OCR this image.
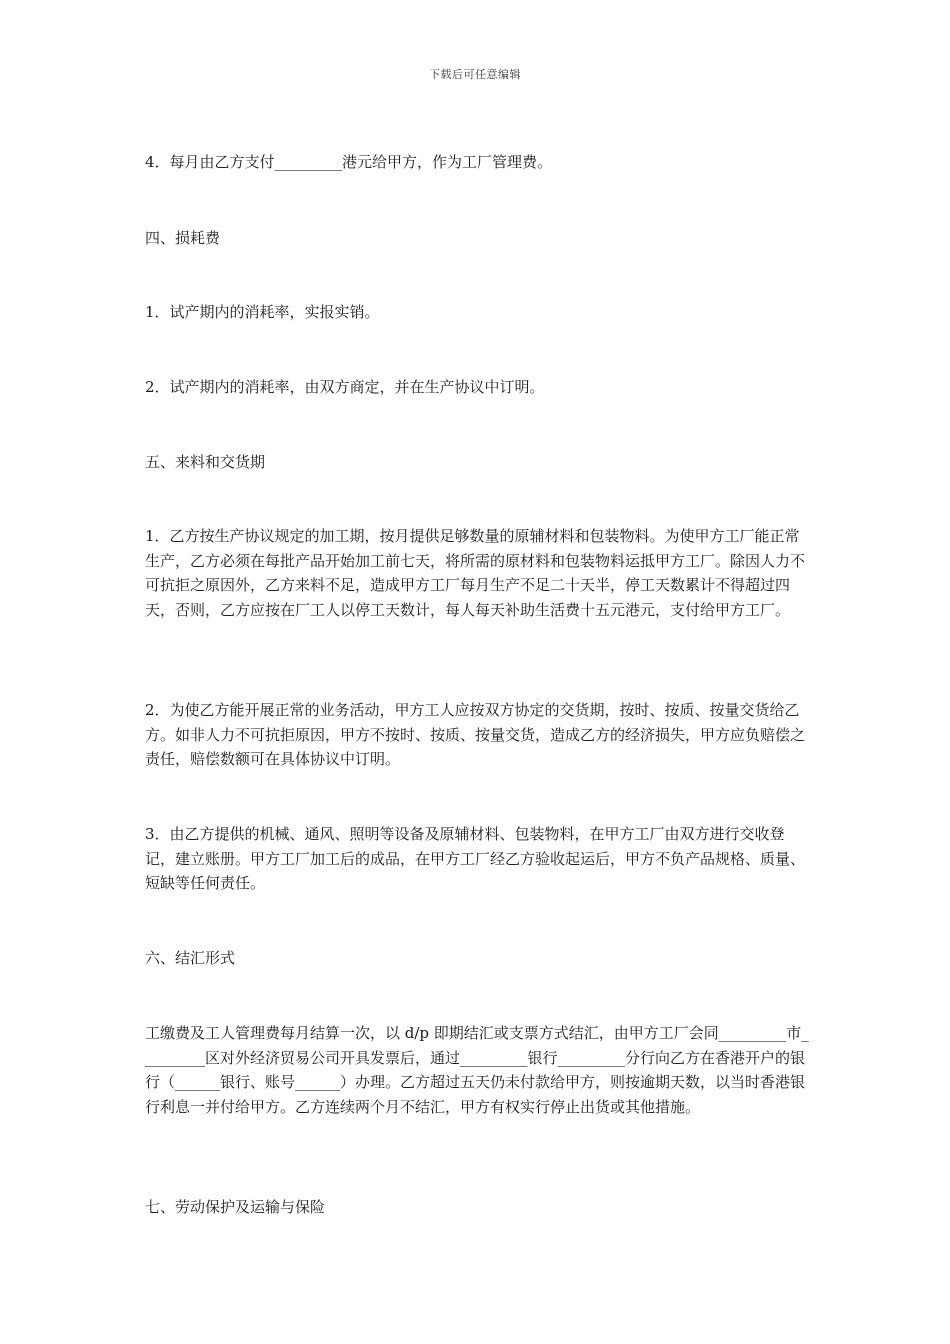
下载后可任意编辑

4．每月由乙方支付_________港元给甲方，作为工厂管理费。

四、损耗费

1．试产期内的消耗率，实报实销。

2．试产期内的消耗率，由双方商定，并在生产协议中订明。

五、来料和交货期

1．乙方按生产协议规定的加工期，按月提供足够数量的原辅材料和包装物料。为使甲方工厂能正常生产，乙方必须在每批产品开始加工前七天，将所需的原材料和包装物料运抵甲方工厂。除因人力不可抗拒之原因外，乙方来料不足，造成甲方工厂每月生产不足二十天半，停工天数累计不得超过四天，否则，乙方应按在厂工人以停工天数计，每人每天补助生活费十五元港元，支付给甲方工厂。

2．为使乙方能开展正常的业务活动，甲方工人应按双方协定的交货期，按时、按质、按量交货给乙方。如非人力不可抗拒原因，甲方不按时、按质、按量交货，造成乙方的经济损失，甲方应负赔偿之责任，赔偿数额可在具体协议中订明。

3．由乙方提供的机械、通风、照明等设备及原辅材料、包装物料，在甲方工厂由双方进行交收登记，建立账册。甲方工厂加工后的成品，在甲方工厂经乙方验收起运后，甲方不负产品规格、质量、短缺等任何责任。

六、结汇形式

工缴费及工人管理费每月结算一次，以 d/p 即期结汇或支票方式结汇，由甲方工厂会同_________市_________区对外经济贸易公司开具发票后，通过_________银行_________分行向乙方在香港开户的银行（______银行、账号______）办理。乙方超过五天仍未付款给甲方，则按逾期天数，以当时香港银行利息一并付给甲方。乙方连续两个月不结汇，甲方有权实行停止出货或其他措施。

七、劳动保护及运输与保险
